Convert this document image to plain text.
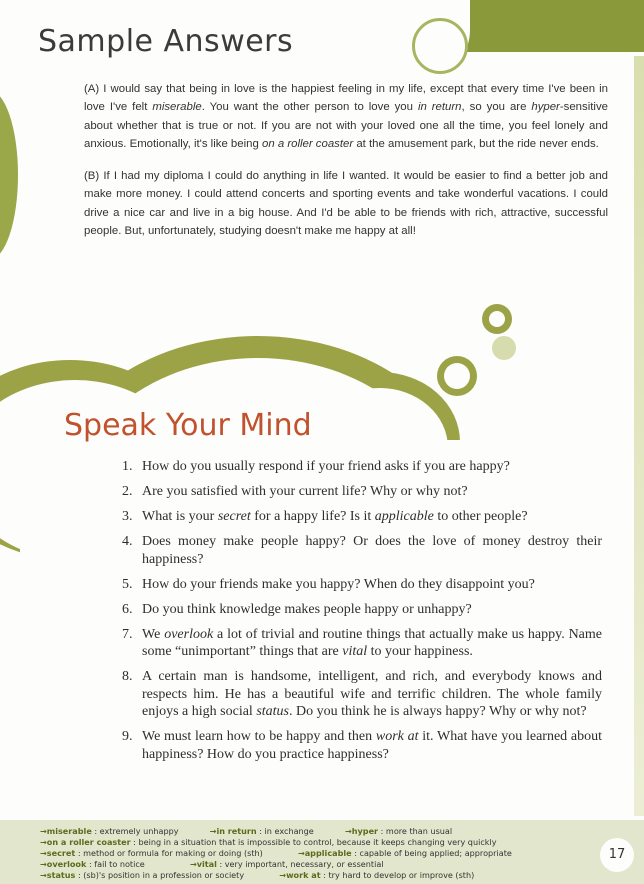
Sample Answers

(A) I would say that being in love is the happiest feeling in my life, except that every time I've been in love I've felt miserable. You want the other person to love you in return, so you are hyper-sensitive about whether that is true or not. If you are not with your loved one all the time, you feel lonely and anxious. Emotionally, it's like being on a roller coaster at the amusement park, but the ride never ends.

(B) If I had my diploma I could do anything in life I wanted. It would be easier to find a better job and make more money. I could attend concerts and sporting events and take wonderful vacations. I could drive a nice car and live in a big house. And I'd be able to be friends with rich, attractive, successful people. But, unfortunately, studying doesn't make me happy at all!

Speak Your Mind
1. How do you usually respond if your friend asks if you are happy?
2. Are you satisfied with your current life? Why or why not?
3. What is your secret for a happy life? Is it applicable to other people?
4. Does money make people happy? Or does the love of money destroy their happiness?
5. How do your friends make you happy? When do they disappoint you?
6. Do you think knowledge makes people happy or unhappy?
7. We overlook a lot of trivial and routine things that actually make us happy. Name some “unimportant” things that are vital to your happiness.
8. A certain man is handsome, intelligent, and rich, and everybody knows and respects him. He has a beautiful wife and terrific children. The whole family enjoys a high social status. Do you think he is always happy? Why or why not?
9. We must learn how to be happy and then work at it. What have you learned about happiness? How do you practice happiness?
→miserable : extremely unhappy	→in return : in exchange	→hyper : more than usual
→on a roller coaster : being in a situation that is impossible to control, because it keeps changing very quickly
→secret : method or formula for making or doing (sth)	→applicable : capable of being applied; appropriate
→overlook : fail to notice	→vital : very important, necessary, or essential
→status : (sb)'s position in a profession or society	→work at : try hard to develop or improve (sth)
17
